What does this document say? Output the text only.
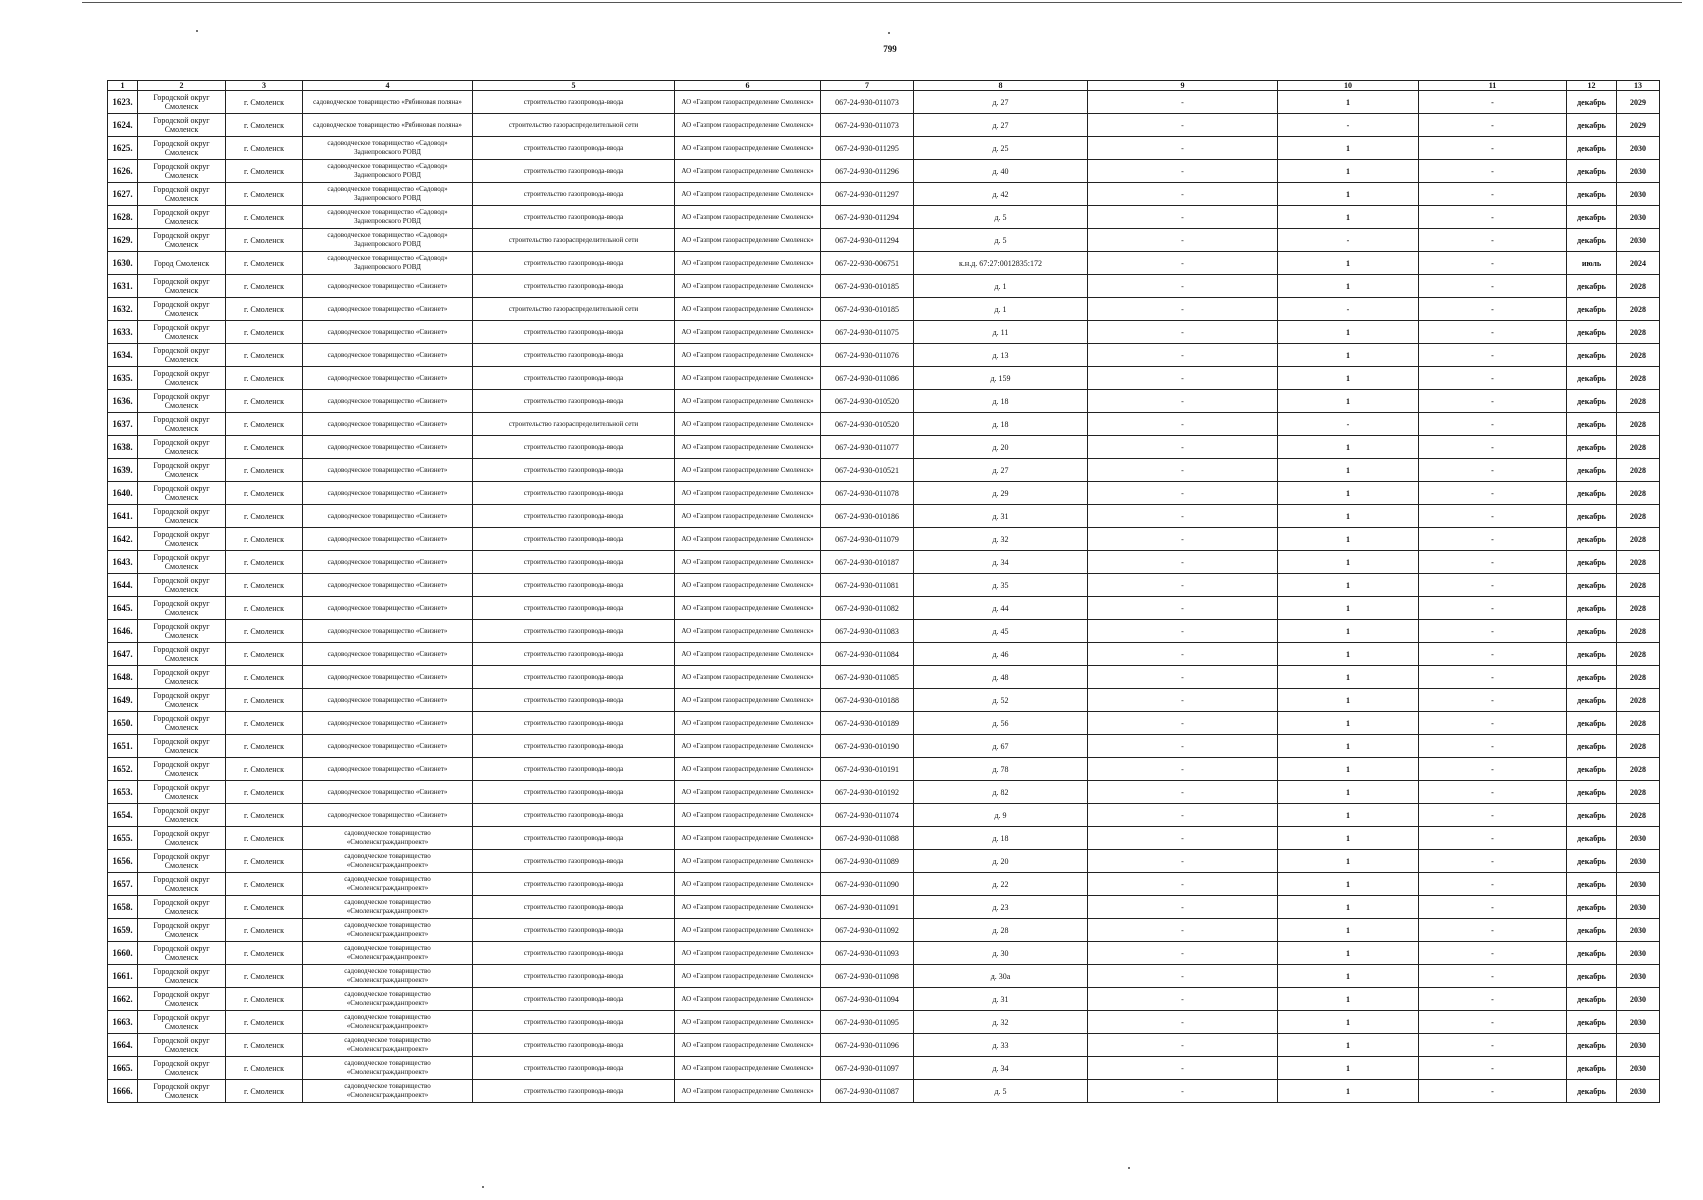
799
1	2	3	4	5	6	7	8	9	10	11	12	13
1623.	Городской округ Смоленск	г. Смоленск	садоводческое товарищество «Рябиновая поляна»	строительство газопровода-ввода	АО «Газпром газораспределение Смоленск»	067-24-930-011073	д. 27	-	1	-	декабрь	2029
1624.	Городской округ Смоленск	г. Смоленск	садоводческое товарищество «Рябиновая поляна»	строительство газораспределительной сети	АО «Газпром газораспределение Смоленск»	067-24-930-011073	д. 27	-	-	-	декабрь	2029
1625.	Городской округ Смоленск	г. Смоленск	садоводческое товарищество «Садовод» Заднепровского РОВД	строительство газопровода-ввода	АО «Газпром газораспределение Смоленск»	067-24-930-011295	д. 25	-	1	-	декабрь	2030
1626.	Городской округ Смоленск	г. Смоленск	садоводческое товарищество «Садовод» Заднепровского РОВД	строительство газопровода-ввода	АО «Газпром газораспределение Смоленск»	067-24-930-011296	д. 40	-	1	-	декабрь	2030
1627.	Городской округ Смоленск	г. Смоленск	садоводческое товарищество «Садовод» Заднепровского РОВД	строительство газопровода-ввода	АО «Газпром газораспределение Смоленск»	067-24-930-011297	д. 42	-	1	-	декабрь	2030
1628.	Городской округ Смоленск	г. Смоленск	садоводческое товарищество «Садовод» Заднепровского РОВД	строительство газопровода-ввода	АО «Газпром газораспределение Смоленск»	067-24-930-011294	д. 5	-	1	-	декабрь	2030
1629.	Городской округ Смоленск	г. Смоленск	садоводческое товарищество «Садовод» Заднепровского РОВД	строительство газораспределительной сети	АО «Газпром газораспределение Смоленск»	067-24-930-011294	д. 5	-	-	-	декабрь	2030
1630.	Город Смоленск	г. Смоленск	садоводческое товарищество «Садовод» Заднепровского РОВД	строительство газопровода-ввода	АО «Газпром газораспределение Смоленск»	067-22-930-006751	к.н.д. 67:27:0012835:172	-	1	-	июль	2024
1631.	Городской округ Смоленск	г. Смоленск	садоводческое товарищество «Свизнет»	строительство газопровода-ввода	АО «Газпром газораспределение Смоленск»	067-24-930-010185	д. 1	-	1	-	декабрь	2028
1632.	Городской округ Смоленск	г. Смоленск	садоводческое товарищество «Свизнет»	строительство газораспределительной сети	АО «Газпром газораспределение Смоленск»	067-24-930-010185	д. 1	-	-	-	декабрь	2028
1633.	Городской округ Смоленск	г. Смоленск	садоводческое товарищество «Свизнет»	строительство газопровода-ввода	АО «Газпром газораспределение Смоленск»	067-24-930-011075	д. 11	-	1	-	декабрь	2028
1634.	Городской округ Смоленск	г. Смоленск	садоводческое товарищество «Свизнет»	строительство газопровода-ввода	АО «Газпром газораспределение Смоленск»	067-24-930-011076	д. 13	-	1	-	декабрь	2028
1635.	Городской округ Смоленск	г. Смоленск	садоводческое товарищество «Свизнет»	строительство газопровода-ввода	АО «Газпром газораспределение Смоленск»	067-24-930-011086	д. 159	-	1	-	декабрь	2028
1636.	Городской округ Смоленск	г. Смоленск	садоводческое товарищество «Свизнет»	строительство газопровода-ввода	АО «Газпром газораспределение Смоленск»	067-24-930-010520	д. 18	-	1	-	декабрь	2028
1637.	Городской округ Смоленск	г. Смоленск	садоводческое товарищество «Свизнет»	строительство газораспределительной сети	АО «Газпром газораспределение Смоленск»	067-24-930-010520	д. 18	-	-	-	декабрь	2028
1638.	Городской округ Смоленск	г. Смоленск	садоводческое товарищество «Свизнет»	строительство газопровода-ввода	АО «Газпром газораспределение Смоленск»	067-24-930-011077	д. 20	-	1	-	декабрь	2028
1639.	Городской округ Смоленск	г. Смоленск	садоводческое товарищество «Свизнет»	строительство газопровода-ввода	АО «Газпром газораспределение Смоленск»	067-24-930-010521	д. 27	-	1	-	декабрь	2028
1640.	Городской округ Смоленск	г. Смоленск	садоводческое товарищество «Свизнет»	строительство газопровода-ввода	АО «Газпром газораспределение Смоленск»	067-24-930-011078	д. 29	-	1	-	декабрь	2028
1641.	Городской округ Смоленск	г. Смоленск	садоводческое товарищество «Свизнет»	строительство газопровода-ввода	АО «Газпром газораспределение Смоленск»	067-24-930-010186	д. 31	-	1	-	декабрь	2028
1642.	Городской округ Смоленск	г. Смоленск	садоводческое товарищество «Свизнет»	строительство газопровода-ввода	АО «Газпром газораспределение Смоленск»	067-24-930-011079	д. 32	-	1	-	декабрь	2028
1643.	Городской округ Смоленск	г. Смоленск	садоводческое товарищество «Свизнет»	строительство газопровода-ввода	АО «Газпром газораспределение Смоленск»	067-24-930-010187	д. 34	-	1	-	декабрь	2028
1644.	Городской округ Смоленск	г. Смоленск	садоводческое товарищество «Свизнет»	строительство газопровода-ввода	АО «Газпром газораспределение Смоленск»	067-24-930-011081	д. 35	-	1	-	декабрь	2028
1645.	Городской округ Смоленск	г. Смоленск	садоводческое товарищество «Свизнет»	строительство газопровода-ввода	АО «Газпром газораспределение Смоленск»	067-24-930-011082	д. 44	-	1	-	декабрь	2028
1646.	Городской округ Смоленск	г. Смоленск	садоводческое товарищество «Свизнет»	строительство газопровода-ввода	АО «Газпром газораспределение Смоленск»	067-24-930-011083	д. 45	-	1	-	декабрь	2028
1647.	Городской округ Смоленск	г. Смоленск	садоводческое товарищество «Свизнет»	строительство газопровода-ввода	АО «Газпром газораспределение Смоленск»	067-24-930-011084	д. 46	-	1	-	декабрь	2028
1648.	Городской округ Смоленск	г. Смоленск	садоводческое товарищество «Свизнет»	строительство газопровода-ввода	АО «Газпром газораспределение Смоленск»	067-24-930-011085	д. 48	-	1	-	декабрь	2028
1649.	Городской округ Смоленск	г. Смоленск	садоводческое товарищество «Свизнет»	строительство газопровода-ввода	АО «Газпром газораспределение Смоленск»	067-24-930-010188	д. 52	-	1	-	декабрь	2028
1650.	Городской округ Смоленск	г. Смоленск	садоводческое товарищество «Свизнет»	строительство газопровода-ввода	АО «Газпром газораспределение Смоленск»	067-24-930-010189	д. 56	-	1	-	декабрь	2028
1651.	Городской округ Смоленск	г. Смоленск	садоводческое товарищество «Свизнет»	строительство газопровода-ввода	АО «Газпром газораспределение Смоленск»	067-24-930-010190	д. 67	-	1	-	декабрь	2028
1652.	Городской округ Смоленск	г. Смоленск	садоводческое товарищество «Свизнет»	строительство газопровода-ввода	АО «Газпром газораспределение Смоленск»	067-24-930-010191	д. 78	-	1	-	декабрь	2028
1653.	Городской округ Смоленск	г. Смоленск	садоводческое товарищество «Свизнет»	строительство газопровода-ввода	АО «Газпром газораспределение Смоленск»	067-24-930-010192	д. 82	-	1	-	декабрь	2028
1654.	Городской округ Смоленск	г. Смоленск	садоводческое товарищество «Свизнет»	строительство газопровода-ввода	АО «Газпром газораспределение Смоленск»	067-24-930-011074	д. 9	-	1	-	декабрь	2028
1655.	Городской округ Смоленск	г. Смоленск	садоводческое товарищество «Смоленскгражданпроект»	строительство газопровода-ввода	АО «Газпром газораспределение Смоленск»	067-24-930-011088	д. 18	-	1	-	декабрь	2030
1656.	Городской округ Смоленск	г. Смоленск	садоводческое товарищество «Смоленскгражданпроект»	строительство газопровода-ввода	АО «Газпром газораспределение Смоленск»	067-24-930-011089	д. 20	-	1	-	декабрь	2030
1657.	Городской округ Смоленск	г. Смоленск	садоводческое товарищество «Смоленскгражданпроект»	строительство газопровода-ввода	АО «Газпром газораспределение Смоленск»	067-24-930-011090	д. 22	-	1	-	декабрь	2030
1658.	Городской округ Смоленск	г. Смоленск	садоводческое товарищество «Смоленскгражданпроект»	строительство газопровода-ввода	АО «Газпром газораспределение Смоленск»	067-24-930-011091	д. 23	-	1	-	декабрь	2030
1659.	Городской округ Смоленск	г. Смоленск	садоводческое товарищество «Смоленскгражданпроект»	строительство газопровода-ввода	АО «Газпром газораспределение Смоленск»	067-24-930-011092	д. 28	-	1	-	декабрь	2030
1660.	Городской округ Смоленск	г. Смоленск	садоводческое товарищество «Смоленскгражданпроект»	строительство газопровода-ввода	АО «Газпром газораспределение Смоленск»	067-24-930-011093	д. 30	-	1	-	декабрь	2030
1661.	Городской округ Смоленск	г. Смоленск	садоводческое товарищество «Смоленскгражданпроект»	строительство газопровода-ввода	АО «Газпром газораспределение Смоленск»	067-24-930-011098	д. 30а	-	1	-	декабрь	2030
1662.	Городской округ Смоленск	г. Смоленск	садоводческое товарищество «Смоленскгражданпроект»	строительство газопровода-ввода	АО «Газпром газораспределение Смоленск»	067-24-930-011094	д. 31	-	1	-	декабрь	2030
1663.	Городской округ Смоленск	г. Смоленск	садоводческое товарищество «Смоленскгражданпроект»	строительство газопровода-ввода	АО «Газпром газораспределение Смоленск»	067-24-930-011095	д. 32	-	1	-	декабрь	2030
1664.	Городской округ Смоленск	г. Смоленск	садоводческое товарищество «Смоленскгражданпроект»	строительство газопровода-ввода	АО «Газпром газораспределение Смоленск»	067-24-930-011096	д. 33	-	1	-	декабрь	2030
1665.	Городской округ Смоленск	г. Смоленск	садоводческое товарищество «Смоленскгражданпроект»	строительство газопровода-ввода	АО «Газпром газораспределение Смоленск»	067-24-930-011097	д. 34	-	1	-	декабрь	2030
1666.	Городской округ Смоленск	г. Смоленск	садоводческое товарищество «Смоленскгражданпроект»	строительство газопровода-ввода	АО «Газпром газораспределение Смоленск»	067-24-930-011087	д. 5	-	1	-	декабрь	2030
